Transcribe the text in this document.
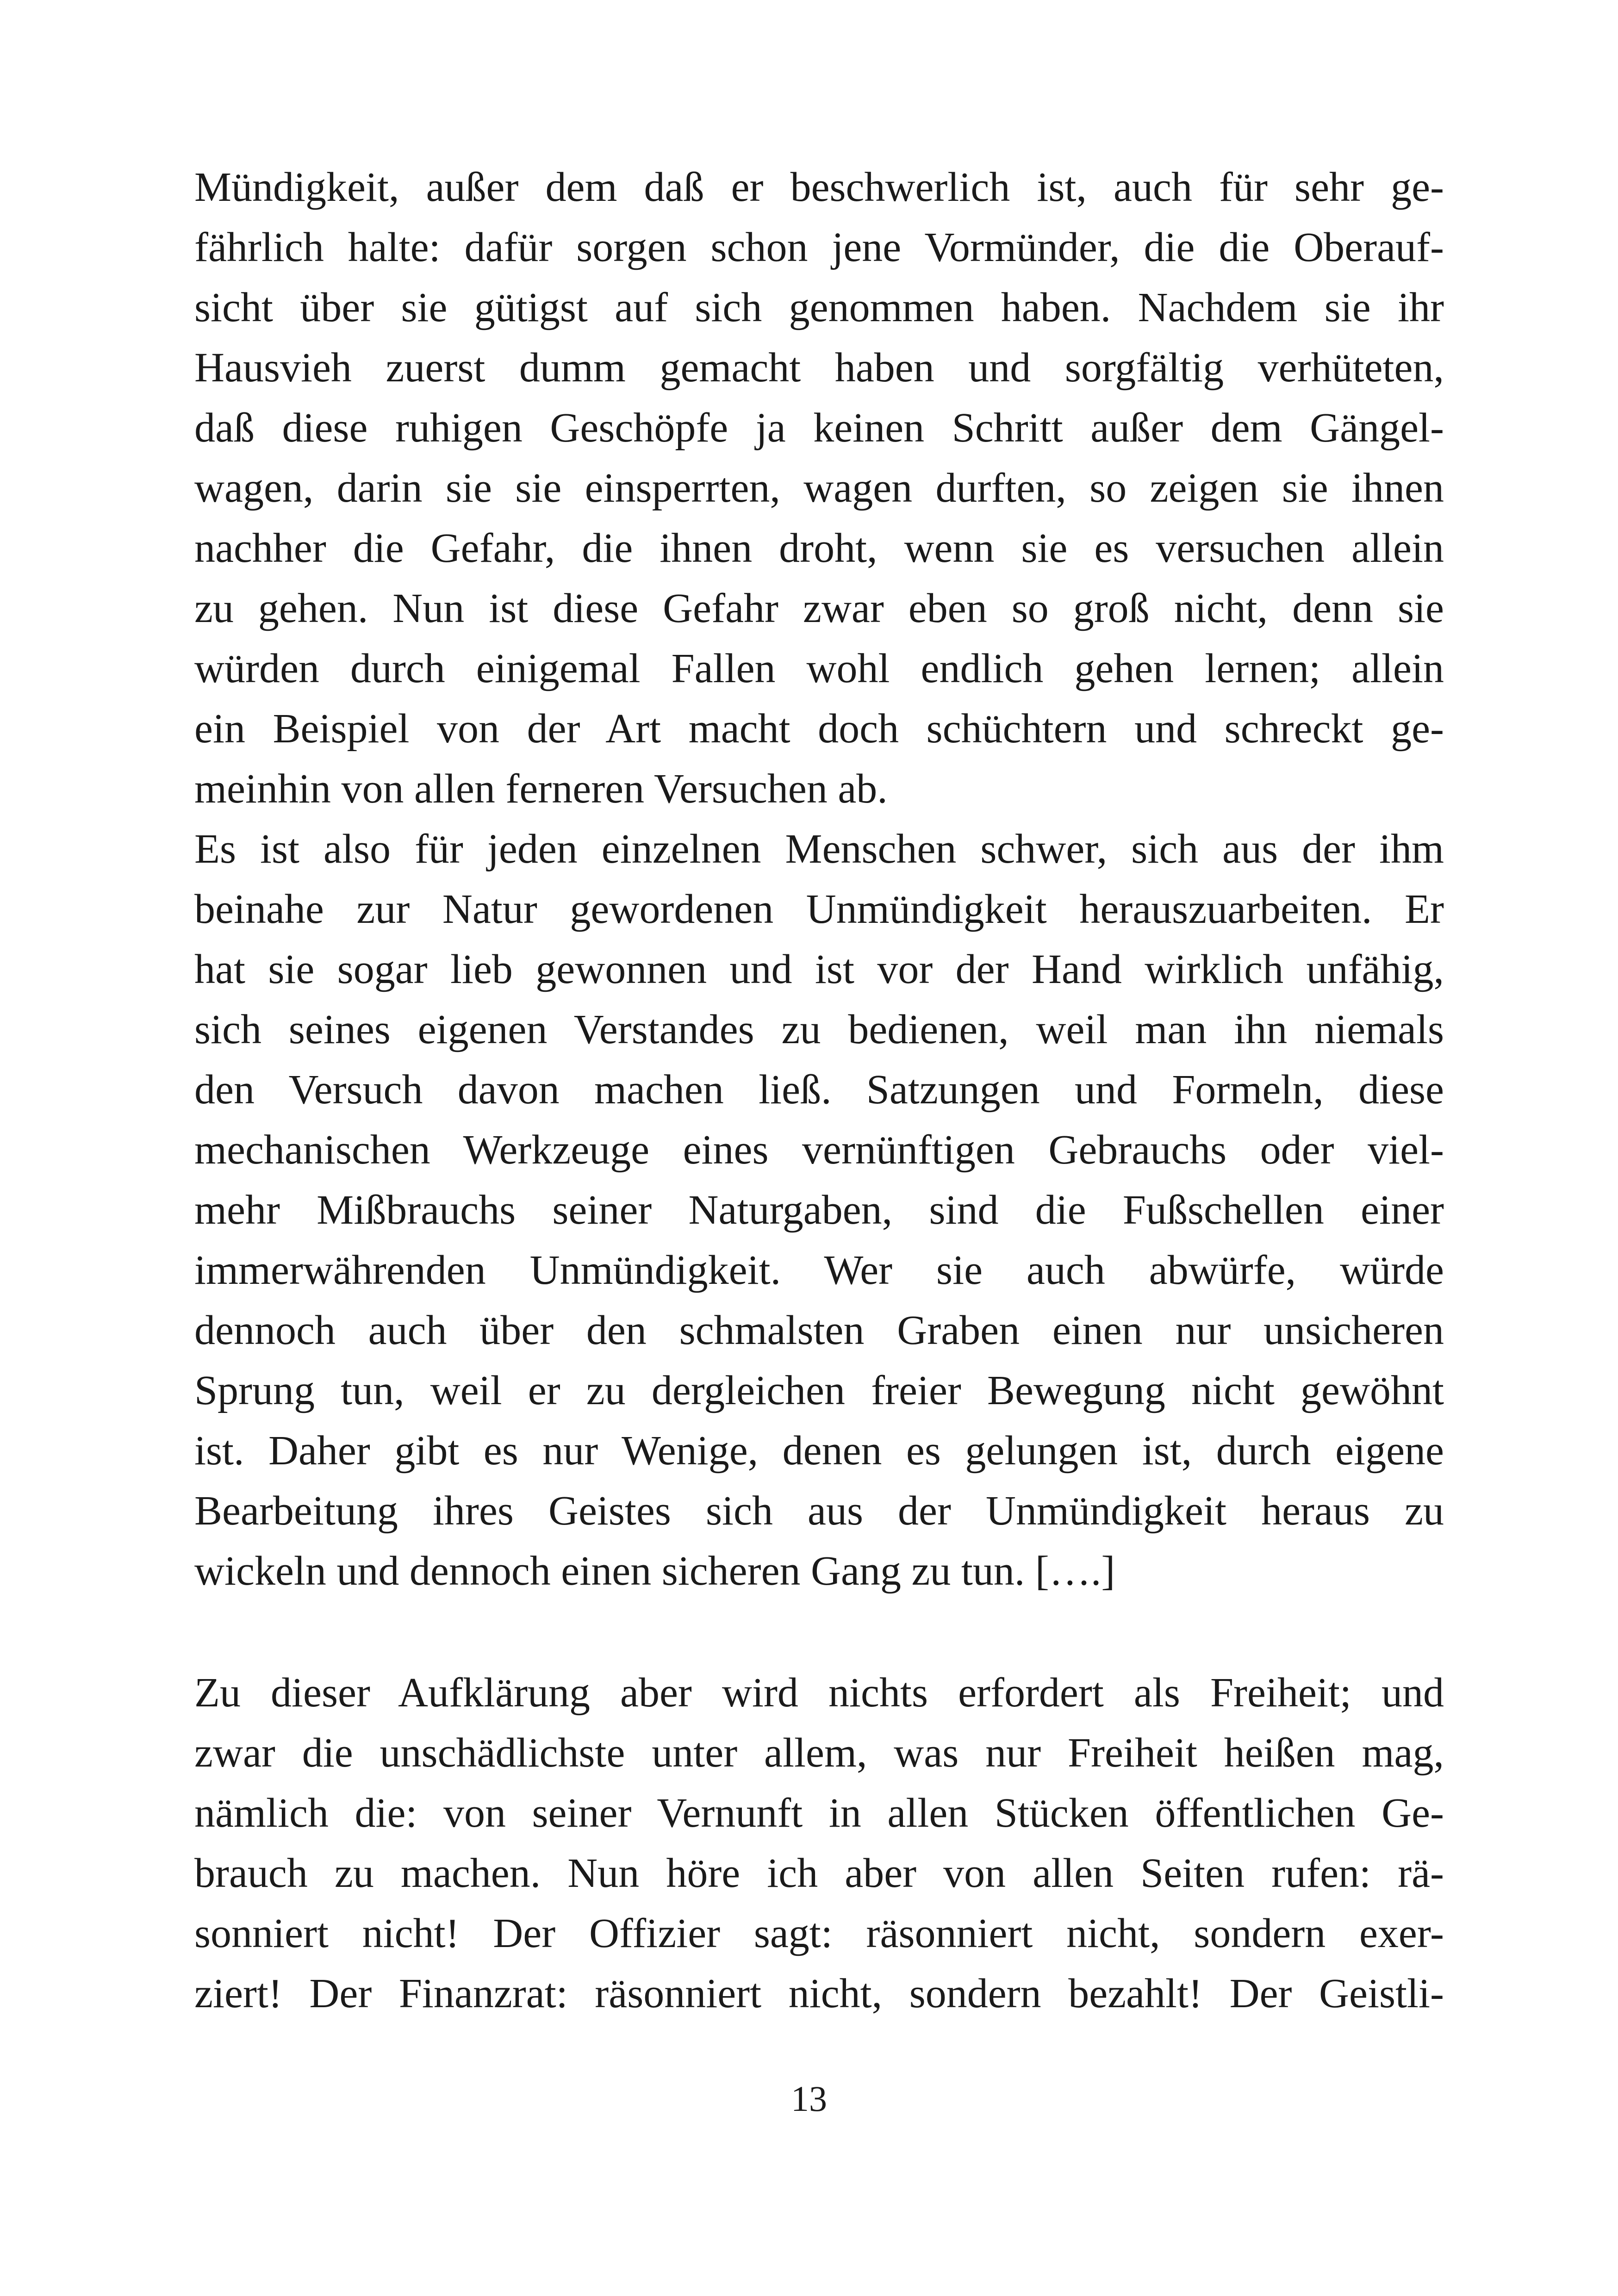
Mündigkeit, außer dem daß er beschwerlich ist, auch für sehr ge-
fährlich halte: dafür sorgen schon jene Vormünder, die die Oberauf-
sicht über sie gütigst auf sich genommen haben. Nachdem sie ihr
Hausvieh zuerst dumm gemacht haben und sorgfältig verhüteten,
daß diese ruhigen Geschöpfe ja keinen Schritt außer dem Gängel-
wagen, darin sie sie einsperrten, wagen durften, so zeigen sie ihnen
nachher die Gefahr, die ihnen droht, wenn sie es versuchen allein
zu gehen. Nun ist diese Gefahr zwar eben so groß nicht, denn sie
würden durch einigemal Fallen wohl endlich gehen lernen; allein
ein Beispiel von der Art macht doch schüchtern und schreckt ge-
meinhin von allen ferneren Versuchen ab.
Es ist also für jeden einzelnen Menschen schwer, sich aus der ihm
beinahe zur Natur gewordenen Unmündigkeit herauszuarbeiten. Er
hat sie sogar lieb gewonnen und ist vor der Hand wirklich unfähig,
sich seines eigenen Verstandes zu bedienen, weil man ihn niemals
den Versuch davon machen ließ. Satzungen und Formeln, diese
mechanischen Werkzeuge eines vernünftigen Gebrauchs oder viel-
mehr Mißbrauchs seiner Naturgaben, sind die Fußschellen einer
immerwährenden Unmündigkeit. Wer sie auch abwürfe, würde
dennoch auch über den schmalsten Graben einen nur unsicheren
Sprung tun, weil er zu dergleichen freier Bewegung nicht gewöhnt
ist. Daher gibt es nur Wenige, denen es gelungen ist, durch eigene
Bearbeitung ihres Geistes sich aus der Unmündigkeit heraus zu
wickeln und dennoch einen sicheren Gang zu tun. [….]
Zu dieser Aufklärung aber wird nichts erfordert als Freiheit; und
zwar die unschädlichste unter allem, was nur Freiheit heißen mag,
nämlich die: von seiner Vernunft in allen Stücken öffentlichen Ge-
brauch zu machen. Nun höre ich aber von allen Seiten rufen: rä-
sonniert nicht! Der Offizier sagt: räsonniert nicht, sondern exer-
ziert! Der Finanzrat: räsonniert nicht, sondern bezahlt! Der Geistli-
13
